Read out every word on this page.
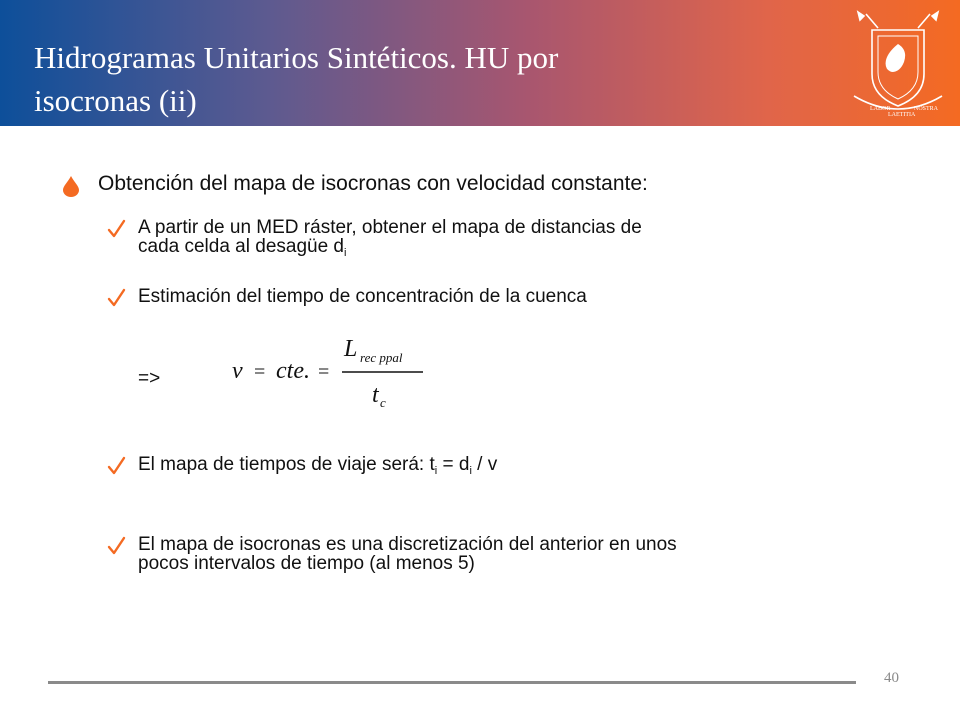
Hidrogramas Unitarios Sintéticos. HU por
isocronas (ii)	LABOR
LAETITIA
NOSTRA
Obtención del mapa de isocronas con velocidad constante:
A partir de un MED ráster, obtener el mapa de distancias de
cada celda al desagüe $d_i$
Estimación del tiempo de concentración de la cuenca
=>	v = cte. =
L rec ppal
t c
El mapa de tiempos de viaje será: $t_i = d_i / v$
El mapa de isocronas es una discretización del anterior en unos
pocos intervalos de tiempo (al menos 5)
40
